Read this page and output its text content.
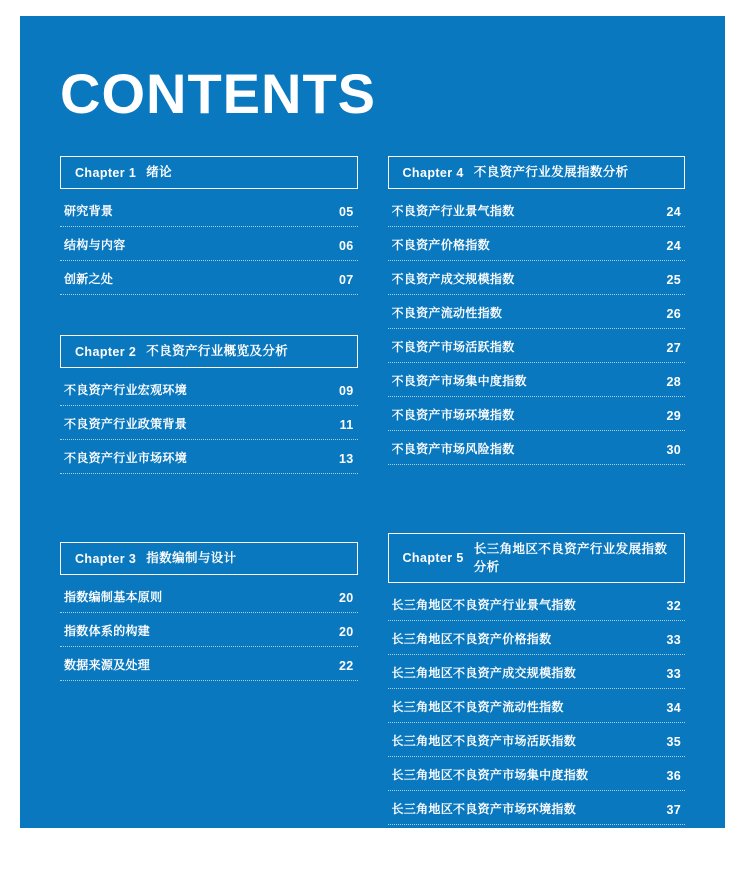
CONTENTS
Chapter 1 绪论
研究背景	05
结构与内容	06
创新之处	07
Chapter 2 不良资产行业概览及分析
不良资产行业宏观环境	09
不良资产行业政策背景	11
不良资产行业市场环境	13
Chapter 3 指数编制与设计
指数编制基本原则	20
指数体系的构建	20
数据来源及处理	22
Chapter 4 不良资产行业发展指数分析
不良资产行业景气指数	24
不良资产价格指数	24
不良资产成交规模指数	25
不良资产流动性指数	26
不良资产市场活跃指数	27
不良资产市场集中度指数	28
不良资产市场环境指数	29
不良资产市场风险指数	30
Chapter 5
长三角地区不良资产行业发展指数分析
长三角地区不良资产行业景气指数	32
长三角地区不良资产价格指数	33
长三角地区不良资产成交规模指数	33
长三角地区不良资产流动性指数	34
长三角地区不良资产市场活跃指数	35
长三角地区不良资产市场集中度指数	36
长三角地区不良资产市场环境指数	37
长三角地区不良资产市场风险指数	38
